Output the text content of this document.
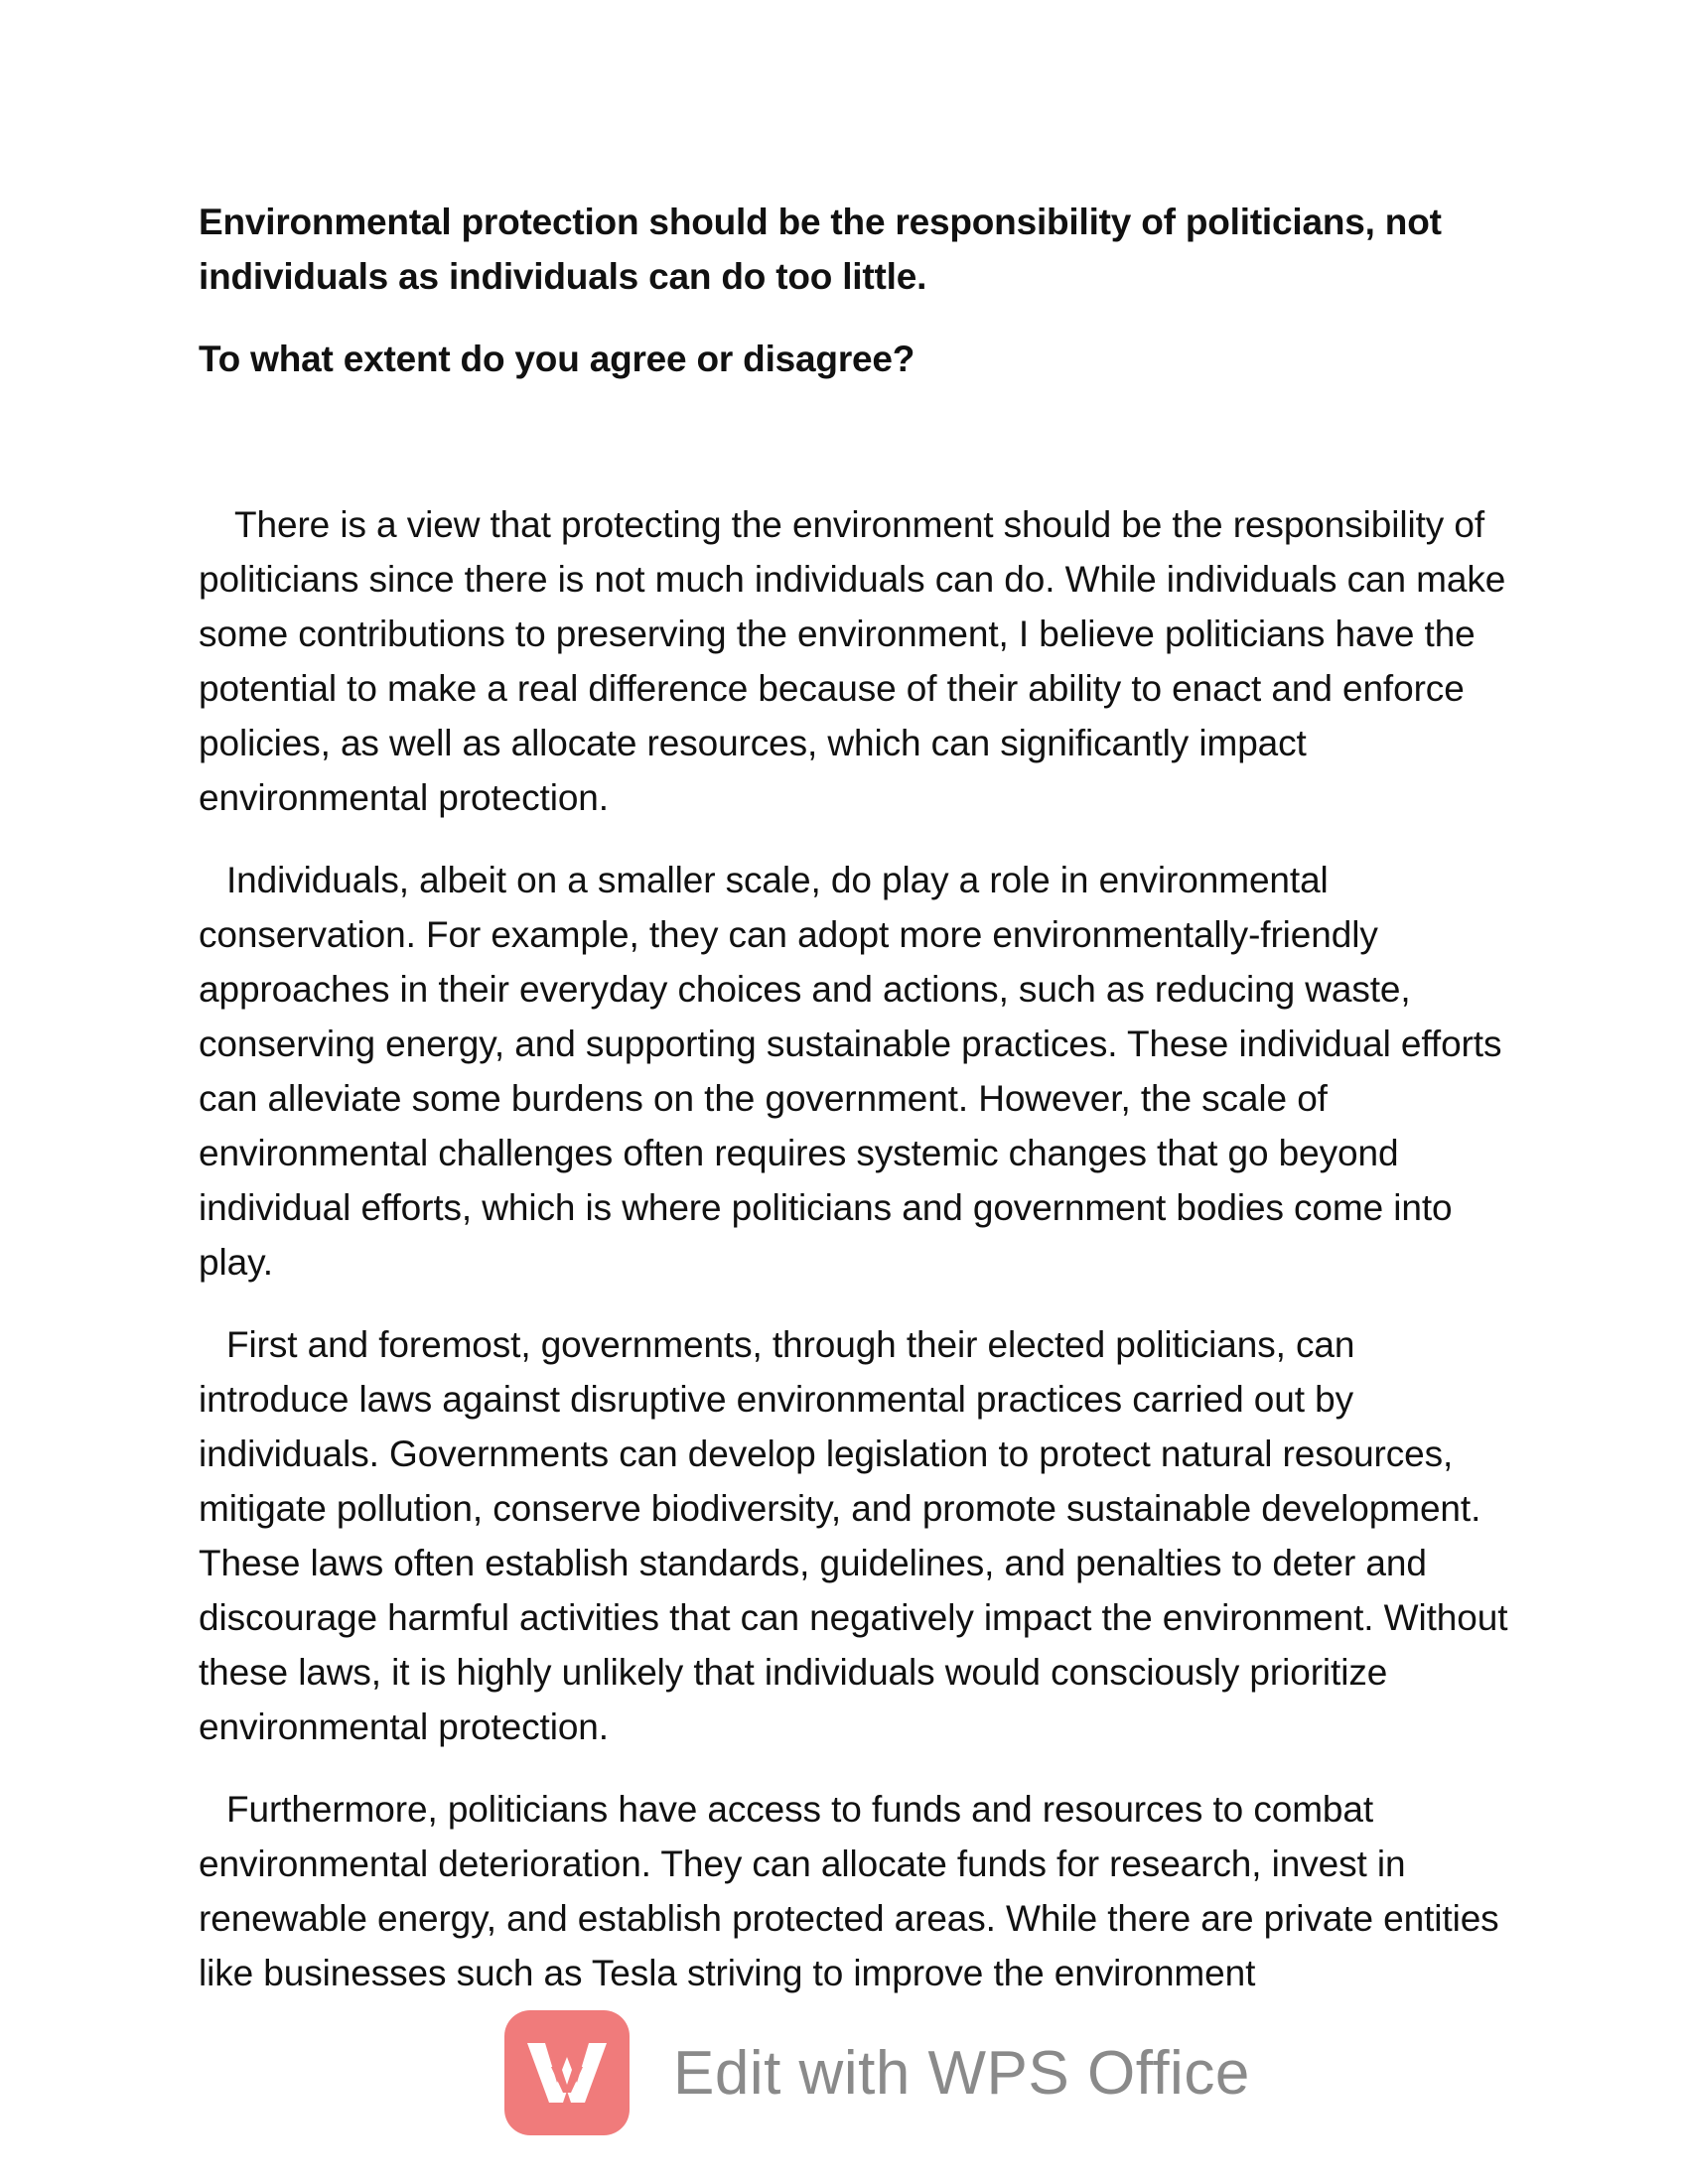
Environmental protection should be the responsibility of politicians, not individuals as individuals can do too little.

To what extent do you agree or disagree?

There is a view that protecting the environment should be the responsibility of politicians since there is not much individuals can do. While individuals can make some contributions to preserving the environment, I believe politicians have the potential to make a real difference because of their ability to enact and enforce policies, as well as allocate resources, which can significantly impact environmental protection.

Individuals, albeit on a smaller scale, do play a role in environmental conservation. For example, they can adopt more environmentally-friendly approaches in their everyday choices and actions, such as reducing waste, conserving energy, and supporting sustainable practices. These individual efforts can alleviate some burdens on the government. However, the scale of environmental challenges often requires systemic changes that go beyond individual efforts, which is where politicians and government bodies come into play.

First and foremost, governments, through their elected politicians, can introduce laws against disruptive environmental practices carried out by individuals. Governments can develop legislation to protect natural resources, mitigate pollution, conserve biodiversity, and promote sustainable development. These laws often establish standards, guidelines, and penalties to deter and discourage harmful activities that can negatively impact the environment. Without these laws, it is highly unlikely that individuals would consciously prioritize environmental protection.

Furthermore, politicians have access to funds and resources to combat environmental deterioration. They can allocate funds for research, invest in renewable energy, and establish protected areas. While there are private entities like businesses such as Tesla striving to improve the environment

Edit with WPS Office
